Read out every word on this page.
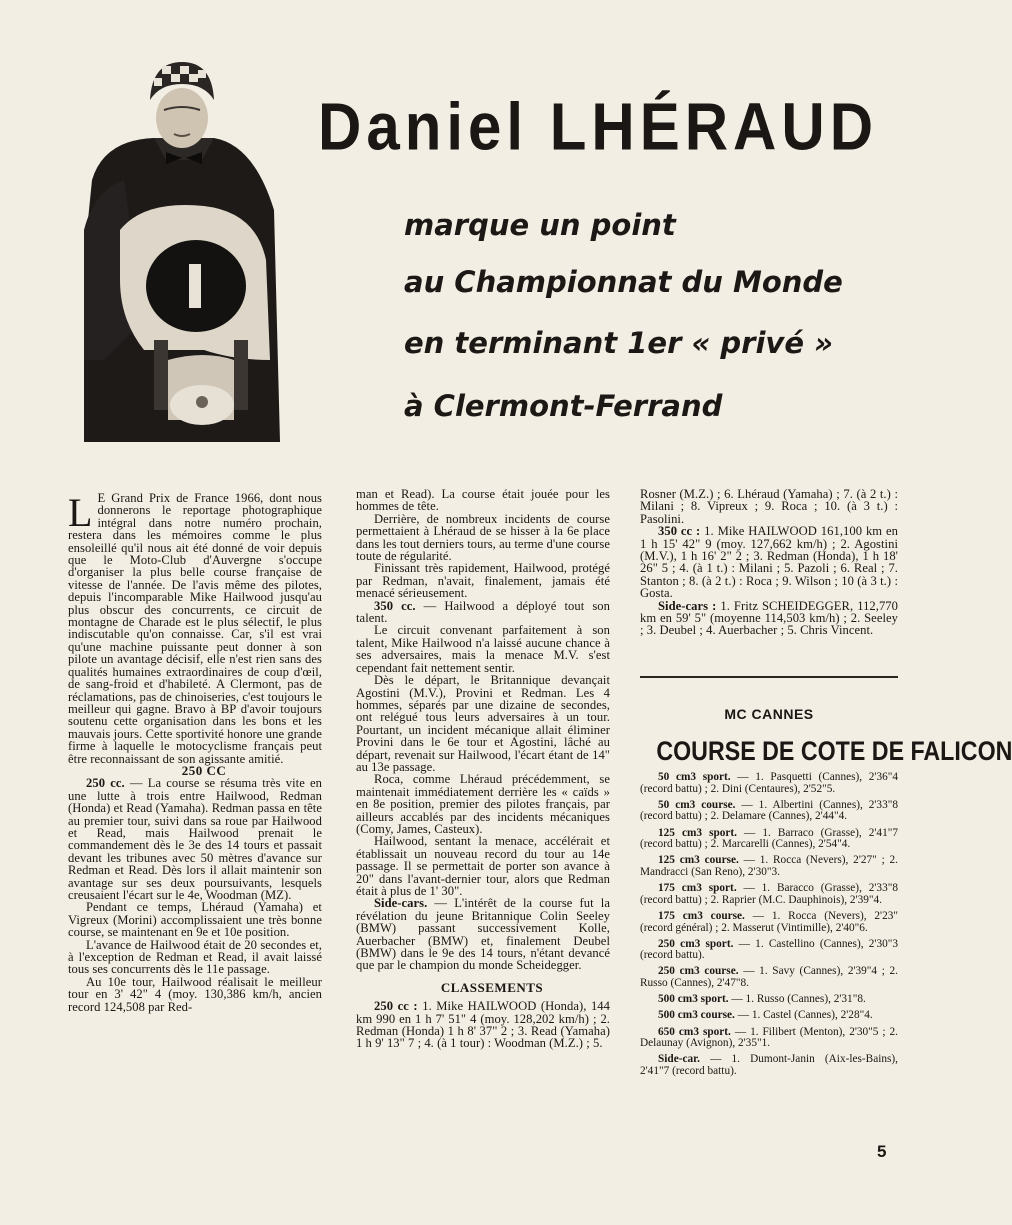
Daniel LHÉRAUD
marque un point
au Championnat du Monde
en terminant 1er « privé »
à Clermont-Ferrand

L E Grand Prix de France 1966, dont nous donnerons le reportage photographique intégral dans notre numéro prochain, restera dans les mémoires comme le plus ensoleillé qu'il nous ait été donné de voir depuis que le Moto-Club d'Auvergne s'occupe d'organiser la plus belle course française de vitesse de l'année. De l'avis même des pilotes, depuis l'incomparable Mike Hailwood jusqu'au plus obscur des concurrents, ce circuit de montagne de Charade est le plus sélectif, le plus indiscutable qu'on connaisse. Car, s'il est vrai qu'une machine puissante peut donner à son pilote un avantage décisif, elle n'est rien sans des qualités humaines extraordinaires de coup d'œil, de sang-froid et d'habileté. A Clermont, pas de réclamations, pas de chinoiseries, c'est toujours le meilleur qui gagne. Bravo à BP d'avoir toujours soutenu cette organisation dans les bons et les mauvais jours. Cette sportivité honore une grande firme à laquelle le motocyclisme français peut être reconnaissant de son agissante amitié.

250 CC

250 cc. — La course se résuma très vite en une lutte à trois entre Hailwood, Redman (Honda) et Read (Yamaha). Redman passa en tête au premier tour, suivi dans sa roue par Hailwood et Read, mais Hailwood prenait le commandement dès le 3e des 14 tours et passait devant les tribunes avec 50 mètres d'avance sur Redman et Read. Dès lors il allait maintenir son avantage sur ses deux poursuivants, lesquels creusaient l'écart sur le 4e, Woodman (MZ).

Pendant ce temps, Lhéraud (Yamaha) et Vigreux (Morini) accomplissaient une très bonne course, se maintenant en 9e et 10e position.

L'avance de Hailwood était de 20 secondes et, à l'exception de Redman et Read, il avait laissé tous ses concurrents dès le 11e passage.

Au 10e tour, Hailwood réalisait le meilleur tour en 3' 42" 4 (moy. 130,386 km/h, ancien record 124,508 par Red-

man et Read). La course était jouée pour les hommes de tête.

Derrière, de nombreux incidents de course permettaient à Lhéraud de se hisser à la 6e place dans les tout derniers tours, au terme d'une course toute de régularité.

Finissant très rapidement, Hailwood, protégé par Redman, n'avait, finalement, jamais été menacé sérieusement.

350 cc. — Hailwood a déployé tout son talent.

Le circuit convenant parfaitement à son talent, Mike Hailwood n'a laissé aucune chance à ses adversaires, mais la menace M.V. s'est cependant fait nettement sentir.

Dès le départ, le Britannique devançait Agostini (M.V.), Provini et Redman. Les 4 hommes, séparés par une dizaine de secondes, ont relégué tous leurs adversaires à un tour. Pourtant, un incident mécanique allait éliminer Provini dans le 6e tour et Agostini, lâché au départ, revenait sur Hailwood, l'écart étant de 14" au 13e passage.

Roca, comme Lhéraud précédemment, se maintenait immédiatement derrière les « caïds » en 8e position, premier des pilotes français, par ailleurs accablés par des incidents mécaniques (Comy, James, Casteux).

Hailwood, sentant la menace, accélérait et établissait un nouveau record du tour au 14e passage. Il se permettait de porter son avance à 20" dans l'avant-dernier tour, alors que Redman était à plus de 1' 30".

Side-cars. — L'intérêt de la course fut la révélation du jeune Britannique Colin Seeley (BMW) passant successivement Kolle, Auerbacher (BMW) et, finalement Deubel (BMW) dans le 9e des 14 tours, n'étant devancé que par le champion du monde Scheidegger.

CLASSEMENTS

250 cc : 1. Mike HAILWOOD (Honda), 144 km 990 en 1 h 7' 51" 4 (moy. 128,202 km/h) ; 2. Redman (Honda) 1 h 8' 37" 2 ; 3. Read (Yamaha) 1 h 9' 13" 7 ; 4. (à 1 tour) : Woodman (M.Z.) ; 5.

Rosner (M.Z.) ; 6. Lhéraud (Yamaha) ; 7. (à 2 t.) : Milani ; 8. Vipreux ; 9. Roca ; 10. (à 3 t.) : Pasolini.

350 cc : 1. Mike HAILWOOD 161,100 km en 1 h 15' 42" 9 (moy. 127,662 km/h) ; 2. Agostini (M.V.), 1 h 16' 2" 2 ; 3. Redman (Honda), 1 h 18' 26" 5 ; 4. (à 1 t.) : Milani ; 5. Pazoli ; 6. Real ; 7. Stanton ; 8. (à 2 t.) : Roca ; 9. Wilson ; 10 (à 3 t.) : Gosta.

Side-cars : 1. Fritz SCHEIDEGGER, 112,770 km en 59' 5" (moyenne 114,503 km/h) ; 2. Seeley ; 3. Deubel ; 4. Auerbacher ; 5. Chris Vincent.

MC CANNES
COURSE DE COTE DE FALICON

50 cm3 sport. — 1. Pasquetti (Cannes), 2'36"4 (record battu) ; 2. Dini (Centaures), 2'52"5.

50 cm3 course. — 1. Albertini (Cannes), 2'33"8 (record battu) ; 2. Delamare (Cannes), 2'44"4.

125 cm3 sport. — 1. Barraco (Grasse), 2'41"7 (record battu) ; 2. Marcarelli (Cannes), 2'54"4.

125 cm3 course. — 1. Rocca (Nevers), 2'27" ; 2. Mandracci (San Reno), 2'30"3.

175 cm3 sport. — 1. Baracco (Grasse), 2'33"8 (record battu) ; 2. Raprier (M.C. Dauphinois), 2'39"4.

175 cm3 course. — 1. Rocca (Nevers), 2'23" (record général) ; 2. Masserut (Vintimille), 2'40"6.

250 cm3 sport. — 1. Castellino (Cannes), 2'30"3 (record battu).

250 cm3 course. — 1. Savy (Cannes), 2'39"4 ; 2. Russo (Cannes), 2'47"8.

500 cm3 sport. — 1. Russo (Cannes), 2'31"8.

500 cm3 course. — 1. Castel (Cannes), 2'28"4.

650 cm3 sport. — 1. Filibert (Menton), 2'30"5 ; 2. Delaunay (Avignon), 2'35"1.

Side-car. — 1. Dumont-Janin (Aix-les-Bains), 2'41"7 (record battu).

5
